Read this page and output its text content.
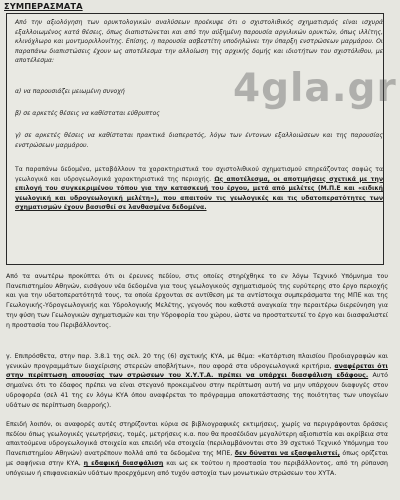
ΣΥΜΠΕΡΑΣΜΑΤΑ
Από την αξιολόγηση των ορυκτολογικών αναλύσεων προέκυψε ότι ο σχιστολιθικός σχηματισμός είναι ισχυρά εξαλλοιωμένος κατά θέσεις, όπως διαπιστώνεται και από την αύξημένη παρουσία αργιλικών ορυκτών, όπως ιλλίτης, κλινόχλωρο και μοντμοριλλονίτης. Επίσης, η παρουσία ασβεστίτη υποδηλώνει την ύπαρξη ενστρώσεων μαρμάρου. Οι παραπάνω διαπιστώσεις έχουν ως αποτέλεσμα την αλλοίωση της αρχικής δομής και ιδιοτήτων του σχιστόλιθου, με αποτέλεσμα:
α) να παρουσιάζει μειωμένη συνοχή
β) σε αρκετές θέσεις να καθίσταται εύθρυπτος
γ) σε αρκετές θέσεις να καθίσταται πρακτικά διαπερατός, λόγω των έντονων εξαλλοιώσεων και της παρουσίας ενστρώσεων μαρμάρου.
Τα παραπάνω δεδομένα, μεταβάλλουν τα χαρακτηριστικά του σχιστολιθικού σχηματισμού επηρεάζοντας σαφώς τα γεωλογικά και υδρογεωλογικά χαρακτηριστικά της περιοχής. Ως αποτέλεσμα, οι αποτιμήσεις σχετικά με την επιλογή του συγκεκριμένου τόπου για την κατασκευή του έργου, μετά από μελέτες (Μ.Π.Ε και «ειδική γεωλογική και υδρογεωλογική μελέτη»), που απαιτούν τις γεωλογικές και τις υδατοπερατότητες των σχηματισμών έχουν βασισθεί σε λανθασμένα δεδομένα.
4gla.gr
Από τα ανωτέρω προκύπτει ότι οι έρευνες πεδίου, στις οποίες στηρίχθηκε το εν λόγω Τεχνικό Υπόμνημα του Πανεπιστημίου Αθηνών, εισάγουν νέα δεδομένα για τους γεωλογικούς σχηματισμούς της ευρύτερης στο έργο περιοχής και για την υδατοπερατότητά τους, τα οποία έρχονται σε αντίθεση με τα αντίστοιχα συμπεράσματα της ΜΠΕ και της Γεωλογικής-Υδρογεωλογικής και Υδρολογικής Μελέτης, γεγονός που καθιστά αναγκαία την περαιτέρω διερεύνηση για την φύση των Γεωλογικών σχηματισμών και την Υδροφορία του χώρου, ώστε να προστατευτεί το έργο και διασφαλιστεί η προστασία του Περιβάλλοντος.
γ. Επιπρόσθετα, στην παρ. 3.8.1 της σελ. 20 της (6) σχετικής ΚΥΑ, με θέμα: «Κατάρτιση πλαισίου Προδιαγραφών και γενικών προγραμμάτων διαχείρισης στερεών αποβλήτων», που αφορά στα υδρογεωλογικά κριτήρια, αναφέρεται ότι στην περίπτωση απουσίας των στρώσεων του Χ.Υ.Τ.Α. πρέπει να υπάρχει διασφάλιση εδάφους. Αυτό σημαίνει ότι το έδαφος πρέπει να είναι στεγανό προκειμένου στην περίπτωση αυτή να μην υπάρχουν διαφυγές στον υδροφορέα (σελ 41 της εν λόγω ΚΥΑ όπου αναφέρεται το πρόγραμμα αποκατάστασης της ποιότητας των υπογείων υδάτων σε περίπτωση διαρροής).
Επειδή λοιπόν, οι αναφορές αυτές στηρίζονται κύρια σε βιβλιογραφικές εκτιμήσεις, χωρίς να περιγράφονται δράσεις πεδίου όπως γεωλογικές γεωτρήσεις, τομές, μετρήσεις κ.α. που θα προσέδιδαν μεγαλύτερη αξιοπιστία και ακρίβεια στα απαιτούμενα υδρογεωλογικά στοιχεία και επειδή νέα στοιχεία (περιλαμβάνονται στο 39 σχετικό Τεχνικό Υπόμνημα του Πανεπιστημίου Αθηνών) ανατρέπουν πολλά από τα δεδομένα της ΜΠΕ, δεν δύναται να εξασφαλιστεί, όπως ορίζεται με σαφήνεια στην ΚΥΑ, η εδαφική διασφάλιση και ως εκ τούτου η προστασία του περιβάλλοντος, από τη ρύπανση υπόγειων ή επιφανειακών υδάτων προερχόμενη από τυχόν αστοχία των μονωτικών στρώσεων του ΧΥΤΑ.
